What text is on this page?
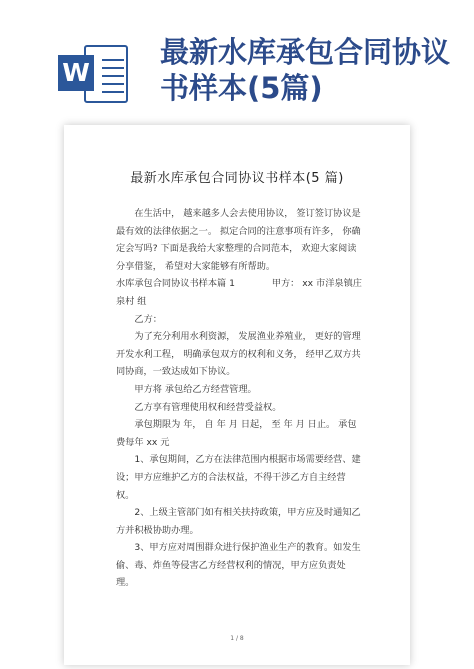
W
最新水库承包合同协议书样本(5篇)
最新水库承包合同协议书样本(5 篇)

在生活中， 越来越多人会去使用协议， 签订签订协议是最有效的法律依据之一。 拟定合同的注意事项有许多， 你确定会写吗? 下面是我给大家整理的合同范本， 欢迎大家阅读分享借鉴， 希望对大家能够有所帮助。

水库承包合同协议书样本篇 1　　　　甲方： xx 市洋泉镇庄泉村 组

乙方：

为了充分利用水利资源， 发展渔业养殖业， 更好的管理开发水利工程， 明确承包双方的权利和义务， 经甲乙双方共同协商，一致达成如下协议。

甲方将 承包给乙方经营管理。

乙方享有管理使用权和经营受益权。

承包期限为 年， 自 年 月 日起， 至 年 月 日止。 承包费每年 xx 元

1、承包期间，乙方在法律范围内根据市场需要经营、建设；甲方应维护乙方的合法权益，不得干涉乙方自主经营权。

2、上级主管部门如有相关扶持政策，甲方应及时通知乙方并积极协助办理。

3、甲方应对周围群众进行保护渔业生产的教育。如发生偷、毒、炸鱼等侵害乙方经营权利的情况，甲方应负责处理。

1 / 8
